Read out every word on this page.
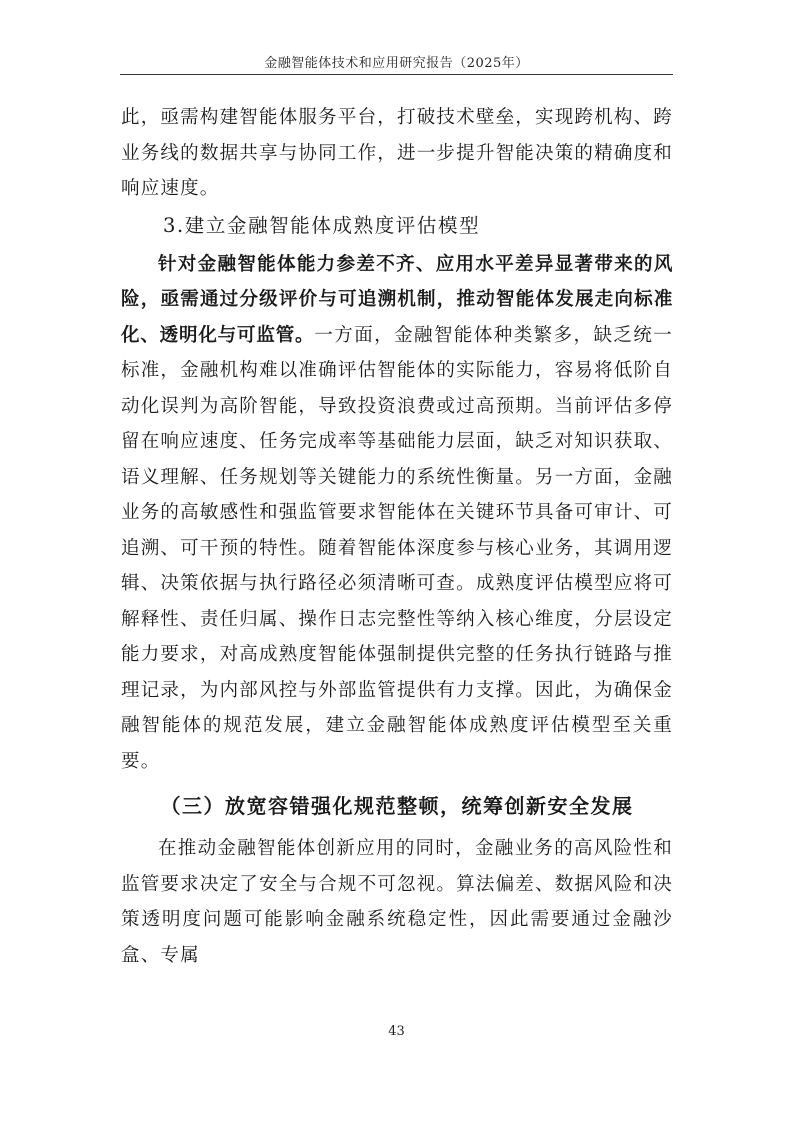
金融智能体技术和应用研究报告（2025年）

此，亟需构建智能体服务平台，打破技术壁垒，实现跨机构、跨业务线的数据共享与协同工作，进一步提升智能决策的精确度和响应速度。

3.建立金融智能体成熟度评估模型

针对金融智能体能力参差不齐、应用水平差异显著带来的风险，亟需通过分级评价与可追溯机制，推动智能体发展走向标准化、透明化与可监管。一方面，金融智能体种类繁多，缺乏统一标准，金融机构难以准确评估智能体的实际能力，容易将低阶自动化误判为高阶智能，导致投资浪费或过高预期。当前评估多停留在响应速度、任务完成率等基础能力层面，缺乏对知识获取、语义理解、任务规划等关键能力的系统性衡量。另一方面，金融业务的高敏感性和强监管要求智能体在关键环节具备可审计、可追溯、可干预的特性。随着智能体深度参与核心业务，其调用逻辑、决策依据与执行路径必须清晰可查。成熟度评估模型应将可解释性、责任归属、操作日志完整性等纳入核心维度，分层设定能力要求，对高成熟度智能体强制提供完整的任务执行链路与推理记录，为内部风控与外部监管提供有力支撑。因此，为确保金融智能体的规范发展，建立金融智能体成熟度评估模型至关重要。

（三）放宽容错强化规范整顿，统筹创新安全发展

在推动金融智能体创新应用的同时，金融业务的高风险性和监管要求决定了安全与合规不可忽视。算法偏差、数据风险和决策透明度问题可能影响金融系统稳定性，因此需要通过金融沙盒、专属

43
